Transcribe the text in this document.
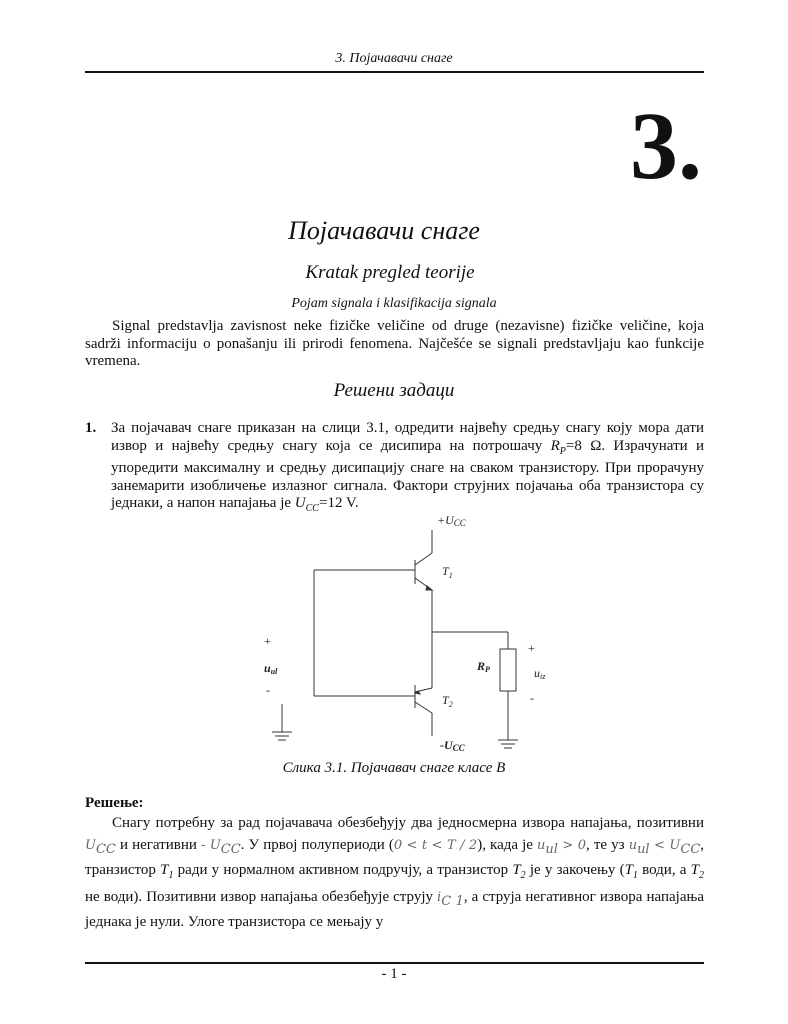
3. Појачавачи снаге
3.
Појачавачи снаге
Kratak pregled teorije
Pojam signala i klasifikacija signala
Signal predstavlja zavisnost neke fizičke veličine od druge (nezavisne) fizičke veličine, koja sadrži informaciju o ponašanju ili prirodi fenomena. Najčešće se signali predstavljaju kao funkcije vremena.
Решени задаци
1. За појачавач снаге приказан на слици 3.1, одредити највећу средњу снагу коју мора дати извор и највећу средњу снагу која се дисипира на потрошачу $R_P=8$ Ω. Израчунати и упоредити максималну и средњу дисипацију снаге на сваком транзистору. При прорачуну занемарити изобличење излазног сигнала. Фактори струјних појачања оба транзистора су једнаки, а напон напајања је $U_{CC}=12$ V.
+UCC
$T_1$
$T_2$
-UCC
RP
+
uiz
-
+
uul
-
Слика 3.1. Појачавач снаге класе B
Решење:
Снагу потребну за рад појачавача обезбеђују два једносмерна извора напајања, позитивни $U_{CC}$ и негативни - $U_{CC}$. У првој полупериоди (0 < t < T / 2), када је $u_{ul} > 0$, те уз $u_{ul} < U_{CC}$, транзистор $T_1$ ради у нормалном активном подручју, а транзистор $T_2$ је у закочењу ($T_1$ води, а $T_2$ не води). Позитивни извор напајања обезбеђује струју $i_{C 1}$, а струја негативног извора напајања једнака је нули. Улоге транзистора се мењају у
- 1 -
